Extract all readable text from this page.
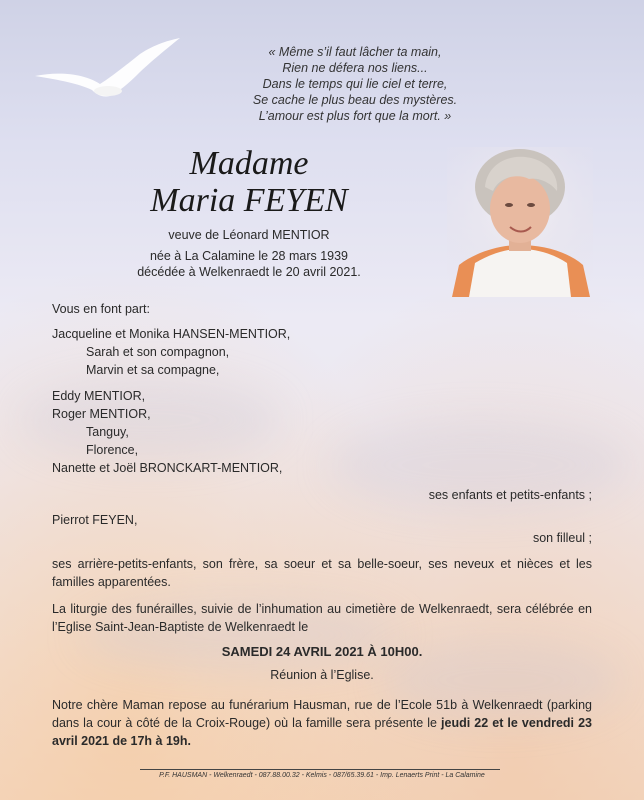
« Même s’il faut lâcher ta main,
Rien ne défera nos liens...
Dans le temps qui lie ciel et terre,
Se cache le plus beau des mystères.
L’amour est plus fort que la mort. »
Madame
Maria FEYEN
veuve de Léonard MENTIOR
née à La Calamine le 28 mars 1939
décédée à Welkenraedt le 20 avril 2021.
Vous en font part:
Jacqueline et Monika HANSEN-MENTIOR,
Sarah et son compagnon,
Marvin et sa compagne,
Eddy MENTIOR,
Roger MENTIOR,
Tanguy,
Florence,
Nanette et Joël BRONCKART-MENTIOR,
ses enfants et petits-enfants ;
Pierrot FEYEN,
son filleul ;
ses arrière-petits-enfants, son frère, sa soeur et sa belle-soeur, ses neveux et nièces et les familles apparentées.
La liturgie des funérailles, suivie de l’inhumation au cimetière de Welkenraedt, sera célébrée en l’Eglise Saint-Jean-Baptiste de Welkenraedt le
SAMEDI 24 AVRIL 2021 À 10H00.
Réunion à l’Eglise.
Notre chère Maman repose au funérarium Hausman, rue de l’Ecole 51b à Welkenraedt (parking dans la cour à côté de la Croix-Rouge) où la famille sera présente le jeudi 22 et le vendredi 23 avril 2021 de 17h à 19h.
P.F. HAUSMAN - Welkenraedt - 087.88.00.32 - Kelmis - 087/65.39.61 - Imp. Lenaerts Print - La Calamine
